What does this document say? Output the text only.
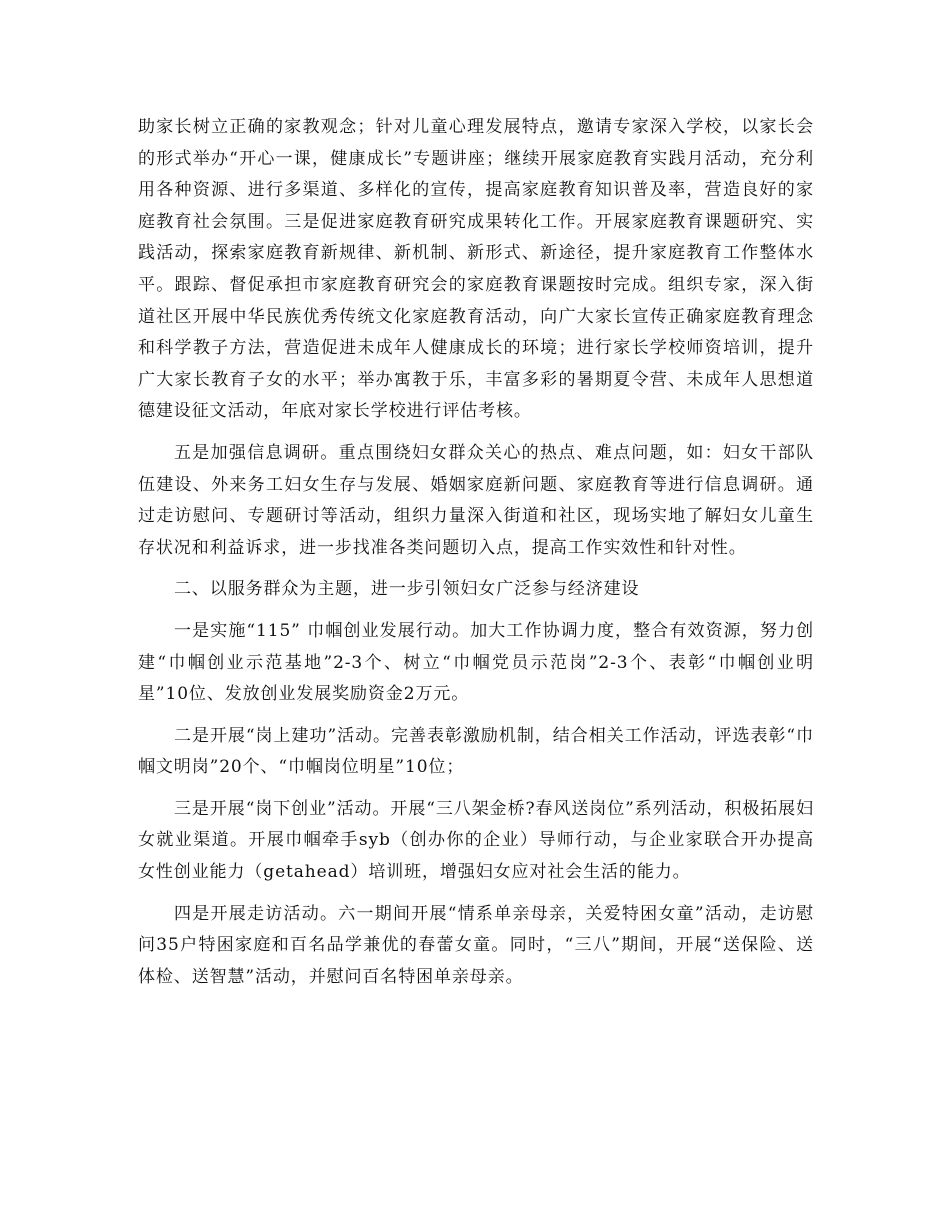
助家长树立正确的家教观念；针对儿童心理发展特点，邀请专家深入学校，以家长会的形式举办“开心一课，健康成长”专题讲座；继续开展家庭教育实践月活动，充分利用各种资源、进行多渠道、多样化的宣传，提高家庭教育知识普及率，营造良好的家庭教育社会氛围。三是促进家庭教育研究成果转化工作。开展家庭教育课题研究、实践活动，探索家庭教育新规律、新机制、新形式、新途径，提升家庭教育工作整体水平。跟踪、督促承担市家庭教育研究会的家庭教育课题按时完成。组织专家，深入街道社区开展中华民族优秀传统文化家庭教育活动，向广大家长宣传正确家庭教育理念和科学教子方法，营造促进未成年人健康成长的环境；进行家长学校师资培训，提升广大家长教育子女的水平；举办寓教于乐，丰富多彩的暑期夏令营、未成年人思想道德建设征文活动，年底对家长学校进行评估考核。

五是加强信息调研。重点围绕妇女群众关心的热点、难点问题，如：妇女干部队伍建设、外来务工妇女生存与发展、婚姻家庭新问题、家庭教育等进行信息调研。通过走访慰问、专题研讨等活动，组织力量深入街道和社区，现场实地了解妇女儿童生存状况和利益诉求，进一步找准各类问题切入点，提高工作实效性和针对性。

二、以服务群众为主题，进一步引领妇女广泛参与经济建设

一是实施“115” 巾帼创业发展行动。加大工作协调力度，整合有效资源，努力创建“巾帼创业示范基地”2-3个、树立“巾帼党员示范岗”2-3个、表彰“巾帼创业明星”10位、发放创业发展奖励资金2万元。

二是开展“岗上建功”活动。完善表彰激励机制，结合相关工作活动，评选表彰“巾帼文明岗”20个、“巾帼岗位明星”10位；

三是开展“岗下创业”活动。开展“三八架金桥?春风送岗位”系列活动，积极拓展妇女就业渠道。开展巾帼牵手syb（创办你的企业）导师行动，与企业家联合开办提高女性创业能力（getahead）培训班，增强妇女应对社会生活的能力。

四是开展走访活动。六一期间开展“情系单亲母亲，关爱特困女童”活动，走访慰问35户特困家庭和百名品学兼优的春蕾女童。同时，“三八”期间，开展“送保险、送体检、送智慧”活动，并慰问百名特困单亲母亲。
